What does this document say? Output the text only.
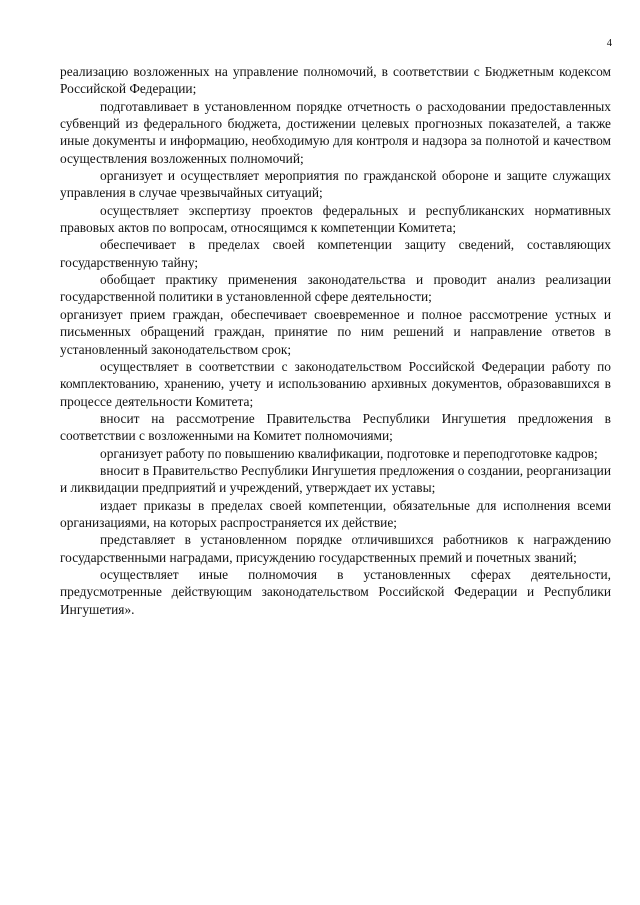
4

реализацию возложенных на управление полномочий, в соответствии с Бюджетным кодексом Российской Федерации;

подготавливает в установленном порядке отчетность о расходовании предоставленных субвенций из федерального бюджета, достижении целевых прогнозных показателей, а также иные документы и информацию, необходимую для контроля и надзора за полнотой и качеством осуществления возложенных полномочий;

организует и осуществляет мероприятия по гражданской обороне и защите служащих управления в случае чрезвычайных ситуаций;

осуществляет экспертизу проектов федеральных и республиканских нормативных правовых актов по вопросам, относящимся к компетенции Комитета;

обеспечивает в пределах своей компетенции защиту сведений, составляющих государственную тайну;

обобщает практику применения законодательства и проводит анализ реализации государственной политики в установленной сфере деятельности;

организует прием граждан, обеспечивает своевременное и полное рассмотрение устных и письменных обращений граждан, принятие по ним решений и направление ответов в установленный законодательством срок;

осуществляет в соответствии с законодательством Российской Федерации работу по комплектованию, хранению, учету и использованию архивных документов, образовавшихся в процессе деятельности Комитета;

вносит на рассмотрение Правительства Республики Ингушетия предложения в соответствии с возложенными на Комитет полномочиями;

организует работу по повышению квалификации, подготовке и переподготовке кадров;

вносит в Правительство Республики Ингушетия предложения о создании, реорганизации и ликвидации предприятий и учреждений, утверждает их уставы;

издает приказы в пределах своей компетенции, обязательные для исполнения всеми организациями, на которых распространяется их действие;

представляет в установленном порядке отличившихся работников к награждению государственными наградами, присуждению государственных премий и почетных званий;

осуществляет иные полномочия в установленных сферах деятельности, предусмотренные действующим законодательством Российской Федерации и Республики Ингушетия».
